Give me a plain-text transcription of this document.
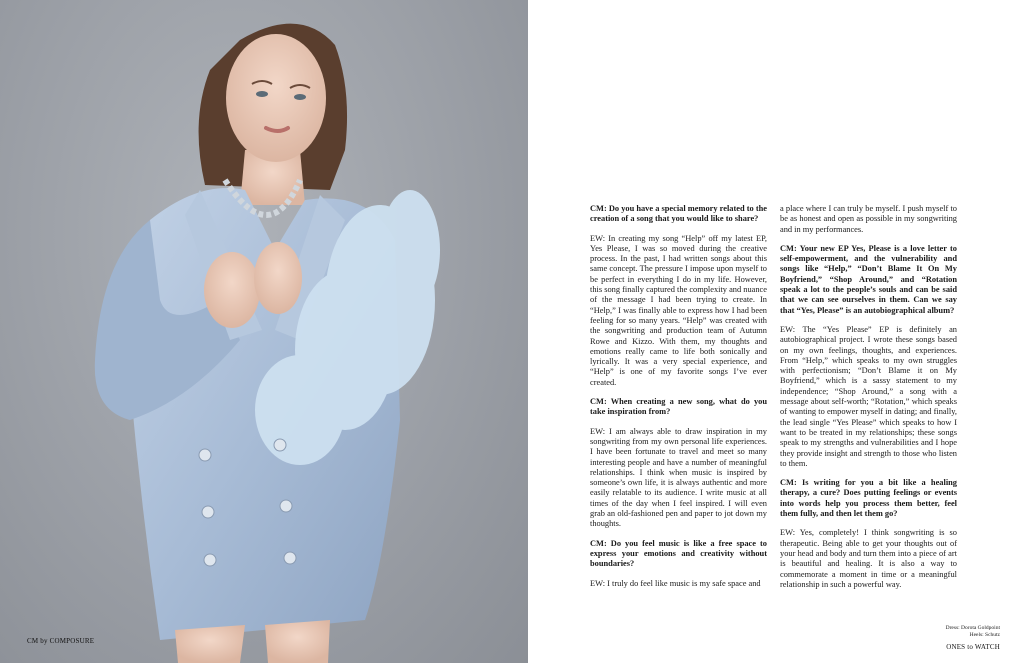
CM by COMPOSURE

CM: Do you have a special memory related to the creation of a song that you would like to share?

EW: In creating my song “Help” off my latest EP, Yes Please, I was so moved during the creative process. In the past, I had written songs about this same concept. The pressure I impose upon myself to be perfect in everything I do in my life. However, this song finally captured the complexity and nuance of the message I had been trying to create. In “Help,” I was finally able to express how I had been feeling for so many years. “Help” was created with the songwriting and production team of Autumn Rowe and Kizzo. With them, my thoughts and emotions really came to life both sonically and lyrically. It was a very special experience, and “Help” is one of my favorite songs I’ve ever created.

CM: When creating a new song, what do you take inspiration from?

EW: I am always able to draw inspiration in my songwriting from my own personal life experiences. I have been fortunate to travel and meet so many interesting people and have a number of meaningful relationships. I think when music is inspired by someone’s own life, it is always authentic and more easily relatable to its audience. I write music at all times of the day when I feel inspired. I will even grab an old-fashioned pen and paper to jot down my thoughts.

CM: Do you feel music is like a free space to express your emotions and creativity without boundaries?

EW: I truly do feel like music is my safe space and

a place where I can truly be myself. I push myself to be as honest and open as possible in my songwriting and in my performances.

CM: Your new EP Yes, Please is a love letter to self-empowerment, and the vulnerability and songs like “Help,” “Don’t Blame It On My Boyfriend,” “Shop Around,” and “Rotation speak a lot to the people’s souls and can be said that we can see ourselves in them. Can we say that “Yes, Please” is an autobiographical album?

EW: The “Yes Please” EP is definitely an autobiographical project. I wrote these songs based on my own feelings, thoughts, and experiences. From “Help,” which speaks to my own struggles with perfectionism; “Don’t Blame it on My Boyfriend,” which is a sassy statement to my independence; “Shop Around,” a song with a message about self-worth; “Rotation,” which speaks of wanting to empower myself in dating; and finally, the lead single “Yes Please” which speaks to how I want to be treated in my relationships; these songs speak to my strengths and vulnerabilities and I hope they provide insight and strength to those who listen to them.

CM: Is writing for you a bit like a healing therapy, a cure? Does putting feelings or events into words help you process them better, feel them fully, and then let them go?

EW: Yes, completely! I think songwriting is so therapeutic. Being able to get your thoughts out of your head and body and turn them into a piece of art is beautiful and healing. It is also a way to commemorate a moment in time or a meaningful relationship in such a powerful way.

Dress: Dorota Goldpoint
Heels: Schutz
ONES to WATCH
